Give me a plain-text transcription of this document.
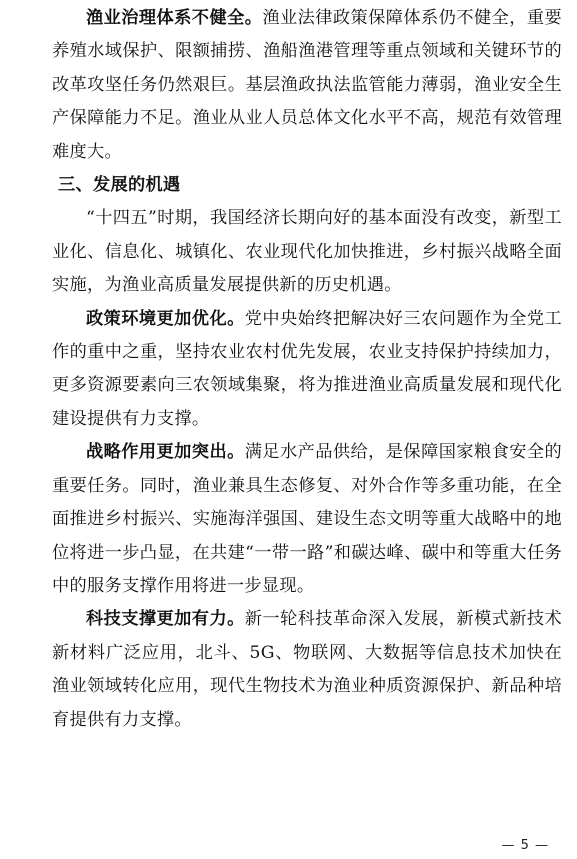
渔业治理体系不健全。渔业法律政策保障体系仍不健全，重要养殖水域保护、限额捕捞、渔船渔港管理等重点领域和关键环节的改革攻坚任务仍然艰巨。基层渔政执法监管能力薄弱，渔业安全生产保障能力不足。渔业从业人员总体文化水平不高，规范有效管理难度大。

三、发展的机遇

“十四五”时期，我国经济长期向好的基本面没有改变，新型工业化、信息化、城镇化、农业现代化加快推进，乡村振兴战略全面实施，为渔业高质量发展提供新的历史机遇。

政策环境更加优化。党中央始终把解决好三农问题作为全党工作的重中之重，坚持农业农村优先发展，农业支持保护持续加力，更多资源要素向三农领域集聚，将为推进渔业高质量发展和现代化建设提供有力支撑。

战略作用更加突出。满足水产品供给，是保障国家粮食安全的重要任务。同时，渔业兼具生态修复、对外合作等多重功能，在全面推进乡村振兴、实施海洋强国、建设生态文明等重大战略中的地位将进一步凸显，在共建“一带一路”和碳达峰、碳中和等重大任务中的服务支撑作用将进一步显现。

科技支撑更加有力。新一轮科技革命深入发展，新模式新技术新材料广泛应用，北斗、5G、物联网、大数据等信息技术加快在渔业领域转化应用，现代生物技术为渔业种质资源保护、新品种培育提供有力支撑。

— 5 —
